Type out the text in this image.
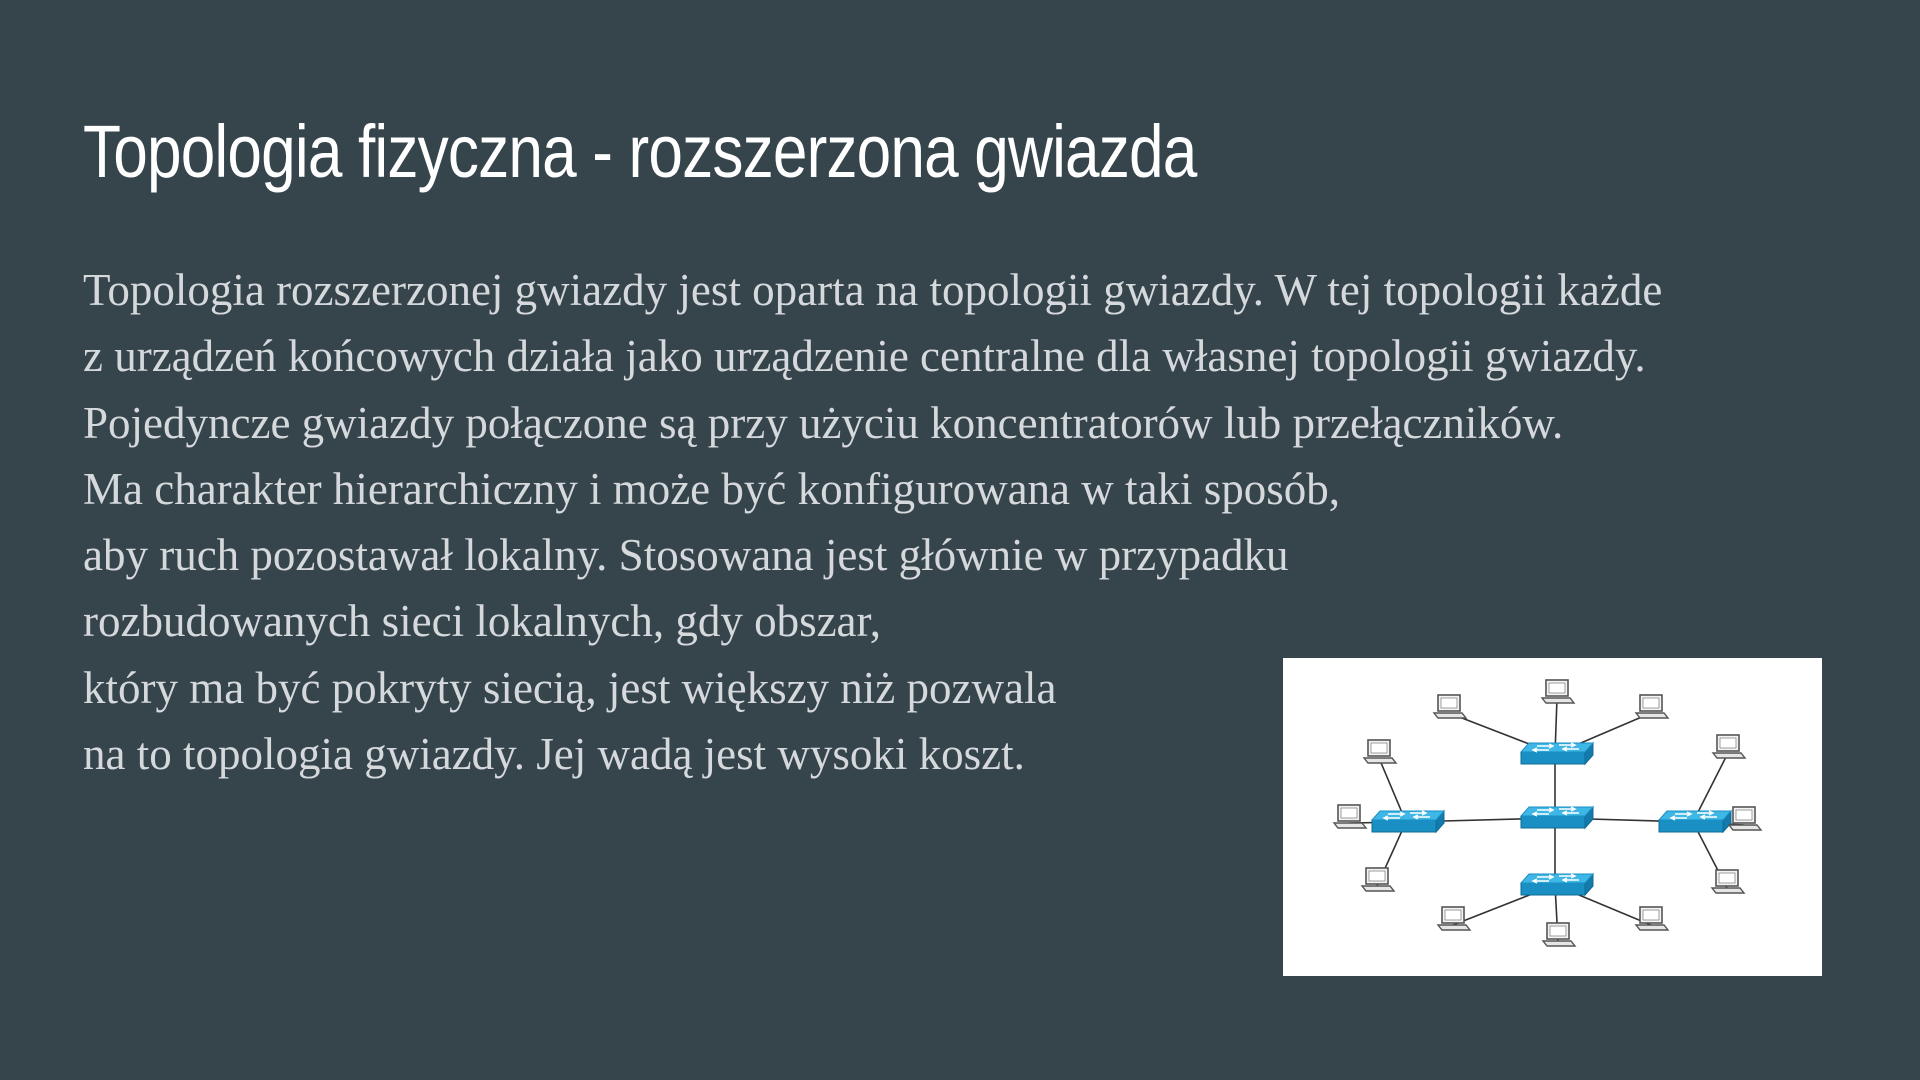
Topologia fizyczna - rozszerzona gwiazda
Topologia rozszerzonej gwiazdy jest oparta na topologii gwiazdy. W tej topologii każde
z urządzeń końcowych działa jako urządzenie centralne dla własnej topologii gwiazdy.
Pojedyncze gwiazdy połączone są przy użyciu koncentratorów lub przełączników.
Ma charakter hierarchiczny i może być konfigurowana w taki sposób,
aby ruch pozostawał lokalny. Stosowana jest głównie w przypadku
rozbudowanych sieci lokalnych, gdy obszar,
który ma być pokryty siecią, jest większy niż pozwala
na to topologia gwiazdy. Jej wadą jest wysoki koszt.
